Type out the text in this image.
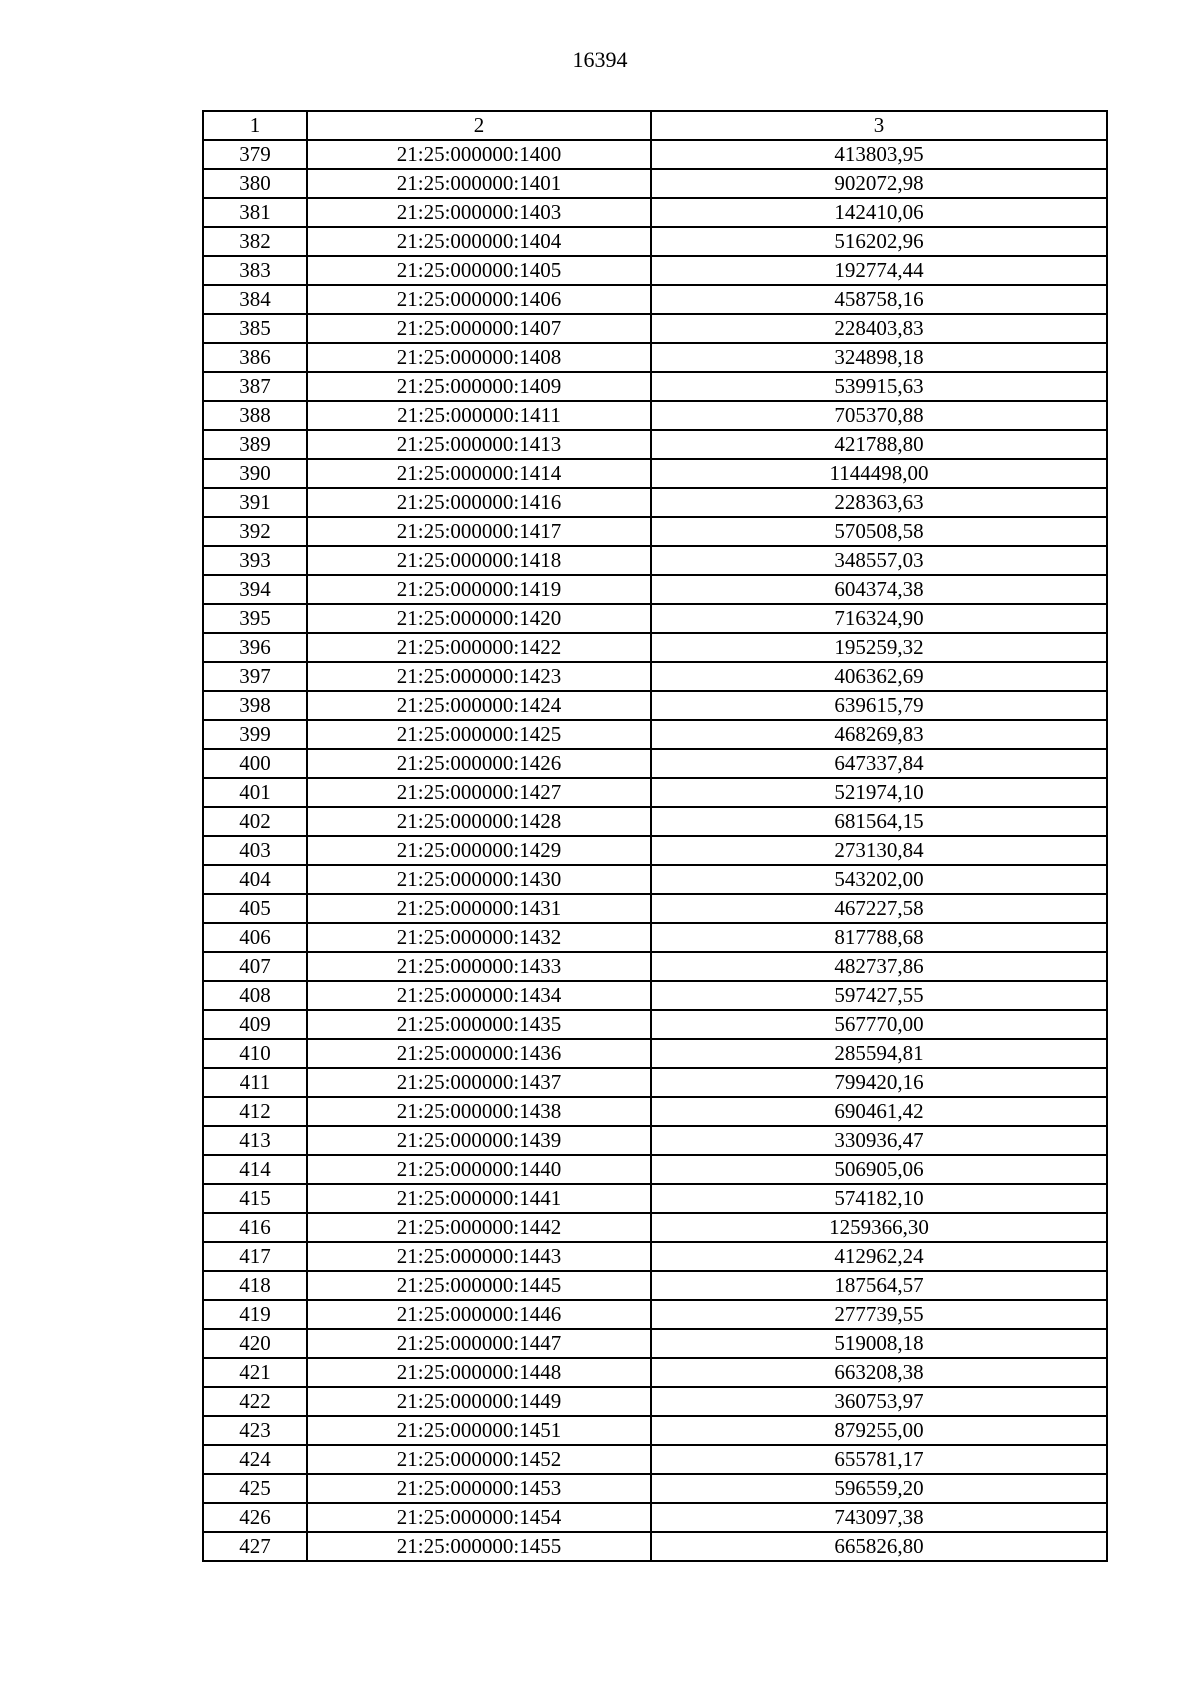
16394
1	2	3
379	21:25:000000:1400	413803,95
380	21:25:000000:1401	902072,98
381	21:25:000000:1403	142410,06
382	21:25:000000:1404	516202,96
383	21:25:000000:1405	192774,44
384	21:25:000000:1406	458758,16
385	21:25:000000:1407	228403,83
386	21:25:000000:1408	324898,18
387	21:25:000000:1409	539915,63
388	21:25:000000:1411	705370,88
389	21:25:000000:1413	421788,80
390	21:25:000000:1414	1144498,00
391	21:25:000000:1416	228363,63
392	21:25:000000:1417	570508,58
393	21:25:000000:1418	348557,03
394	21:25:000000:1419	604374,38
395	21:25:000000:1420	716324,90
396	21:25:000000:1422	195259,32
397	21:25:000000:1423	406362,69
398	21:25:000000:1424	639615,79
399	21:25:000000:1425	468269,83
400	21:25:000000:1426	647337,84
401	21:25:000000:1427	521974,10
402	21:25:000000:1428	681564,15
403	21:25:000000:1429	273130,84
404	21:25:000000:1430	543202,00
405	21:25:000000:1431	467227,58
406	21:25:000000:1432	817788,68
407	21:25:000000:1433	482737,86
408	21:25:000000:1434	597427,55
409	21:25:000000:1435	567770,00
410	21:25:000000:1436	285594,81
411	21:25:000000:1437	799420,16
412	21:25:000000:1438	690461,42
413	21:25:000000:1439	330936,47
414	21:25:000000:1440	506905,06
415	21:25:000000:1441	574182,10
416	21:25:000000:1442	1259366,30
417	21:25:000000:1443	412962,24
418	21:25:000000:1445	187564,57
419	21:25:000000:1446	277739,55
420	21:25:000000:1447	519008,18
421	21:25:000000:1448	663208,38
422	21:25:000000:1449	360753,97
423	21:25:000000:1451	879255,00
424	21:25:000000:1452	655781,17
425	21:25:000000:1453	596559,20
426	21:25:000000:1454	743097,38
427	21:25:000000:1455	665826,80
